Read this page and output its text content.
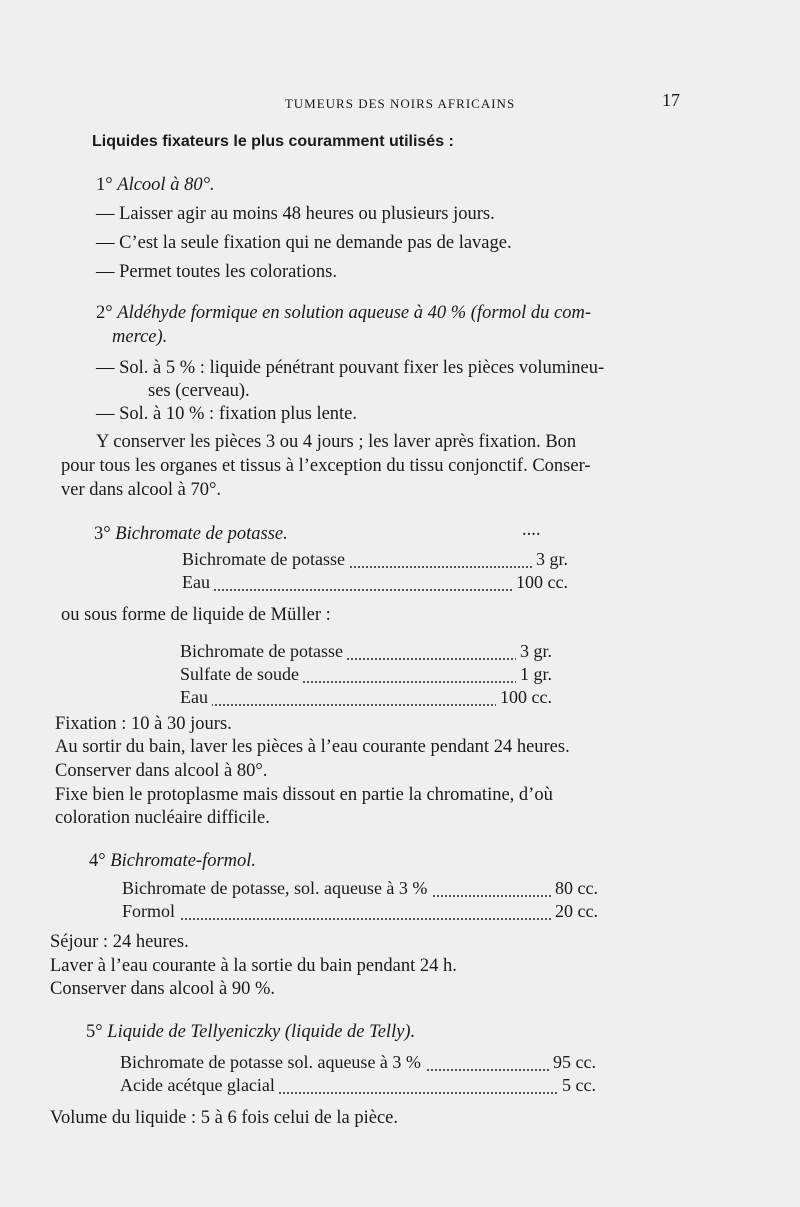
TUMEURS DES NOIRS AFRICAINS	17
Liquides fixateurs le plus couramment utilisés :
1° Alcool à 80°.
— Laisser agir au moins 48 heures ou plusieurs jours.
— C’est la seule fixation qui ne demande pas de lavage.
— Permet toutes les colorations.
2° Aldéhyde formique en solution aqueuse à 40 % (formol du com-
merce).
— Sol. à 5 % : liquide pénétrant pouvant fixer les pièces volumineu-
ses (cerveau).
— Sol. à 10 % : fixation plus lente.
Y conserver les pièces 3 ou 4 jours ; les laver après fixation. Bon
pour tous les organes et tissus à l’exception du tissu conjonctif. Conser-
ver dans alcool à 70°.
3° Bichromate de potasse.	....
Bichromate de potasse	3 gr.
Eau	100 cc.
ou sous forme de liquide de Müller :
Bichromate de potasse	3 gr.
Sulfate de soude	1 gr.
Eau	100 cc.
Fixation : 10 à 30 jours.
Au sortir du bain, laver les pièces à l’eau courante pendant 24 heures.
Conserver dans alcool à 80°.
Fixe bien le protoplasme mais dissout en partie la chromatine, d’où
coloration nucléaire difficile.
4° Bichromate-formol.
Bichromate de potasse, sol. aqueuse à 3 %	80 cc.
Formol	20 cc.
Séjour : 24 heures.
Laver à l’eau courante à la sortie du bain pendant 24 h.
Conserver dans alcool à 90 %.
5° Liquide de Tellyeniczky (liquide de Telly).
Bichromate de potasse sol. aqueuse à 3 %	95 cc.
Acide acétque glacial	5 cc.
Volume du liquide : 5 à 6 fois celui de la pièce.
